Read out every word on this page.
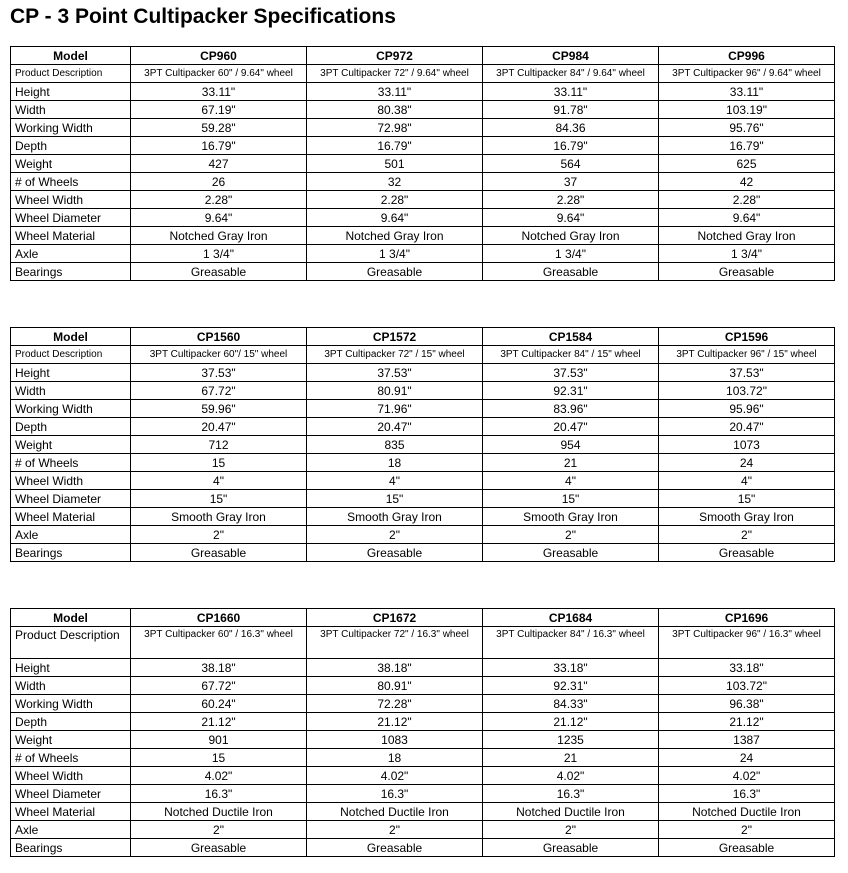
CP - 3 Point Cultipacker Specifications
Model	CP960	CP972	CP984	CP996
Product Description	3PT Cultipacker 60" / 9.64" wheel	3PT Cultipacker 72" / 9.64" wheel	3PT Cultipacker 84" / 9.64" wheel	3PT Cultipacker 96" / 9.64" wheel
Height	33.11"	33.11"	33.11"	33.11"
Width	67.19"	80.38"	91.78"	103.19"
Working Width	59.28"	72.98"	84.36	95.76"
Depth	16.79"	16.79"	16.79"	16.79"
Weight	427	501	564	625
# of Wheels	26	32	37	42
Wheel Width	2.28"	2.28"	2.28"	2.28"
Wheel Diameter	9.64"	9.64"	9.64"	9.64"
Wheel Material	Notched Gray Iron	Notched Gray Iron	Notched Gray Iron	Notched Gray Iron
Axle	1 3/4"	1 3/4"	1 3/4"	1 3/4"
Bearings	Greasable	Greasable	Greasable	Greasable
Model	CP1560	CP1572	CP1584	CP1596
Product Description	3PT Cultipacker 60"/ 15" wheel	3PT Cultipacker 72" / 15" wheel	3PT Cultipacker 84" / 15" wheel	3PT Cultipacker 96" / 15" wheel
Height	37.53"	37.53"	37.53"	37.53"
Width	67.72"	80.91"	92.31"	103.72"
Working Width	59.96"	71.96"	83.96"	95.96"
Depth	20.47"	20.47"	20.47"	20.47"
Weight	712	835	954	1073
# of Wheels	15	18	21	24
Wheel Width	4"	4"	4"	4"
Wheel Diameter	15"	15"	15"	15"
Wheel Material	Smooth Gray Iron	Smooth Gray Iron	Smooth Gray Iron	Smooth Gray Iron
Axle	2"	2"	2"	2"
Bearings	Greasable	Greasable	Greasable	Greasable
Model	CP1660	CP1672	CP1684	CP1696
Product Description	3PT Cultipacker 60" / 16.3" wheel	3PT Cultipacker 72" / 16.3" wheel	3PT Cultipacker 84" / 16.3" wheel	3PT Cultipacker 96" / 16.3" wheel
Height	38.18"	38.18"	33.18"	33.18"
Width	67.72"	80.91"	92.31"	103.72"
Working Width	60.24"	72.28"	84.33"	96.38"
Depth	21.12"	21.12"	21.12"	21.12"
Weight	901	1083	1235	1387
# of Wheels	15	18	21	24
Wheel Width	4.02"	4.02"	4.02"	4.02"
Wheel Diameter	16.3"	16.3"	16.3"	16.3"
Wheel Material	Notched Ductile Iron	Notched Ductile Iron	Notched Ductile Iron	Notched Ductile Iron
Axle	2"	2"	2"	2"
Bearings	Greasable	Greasable	Greasable	Greasable
